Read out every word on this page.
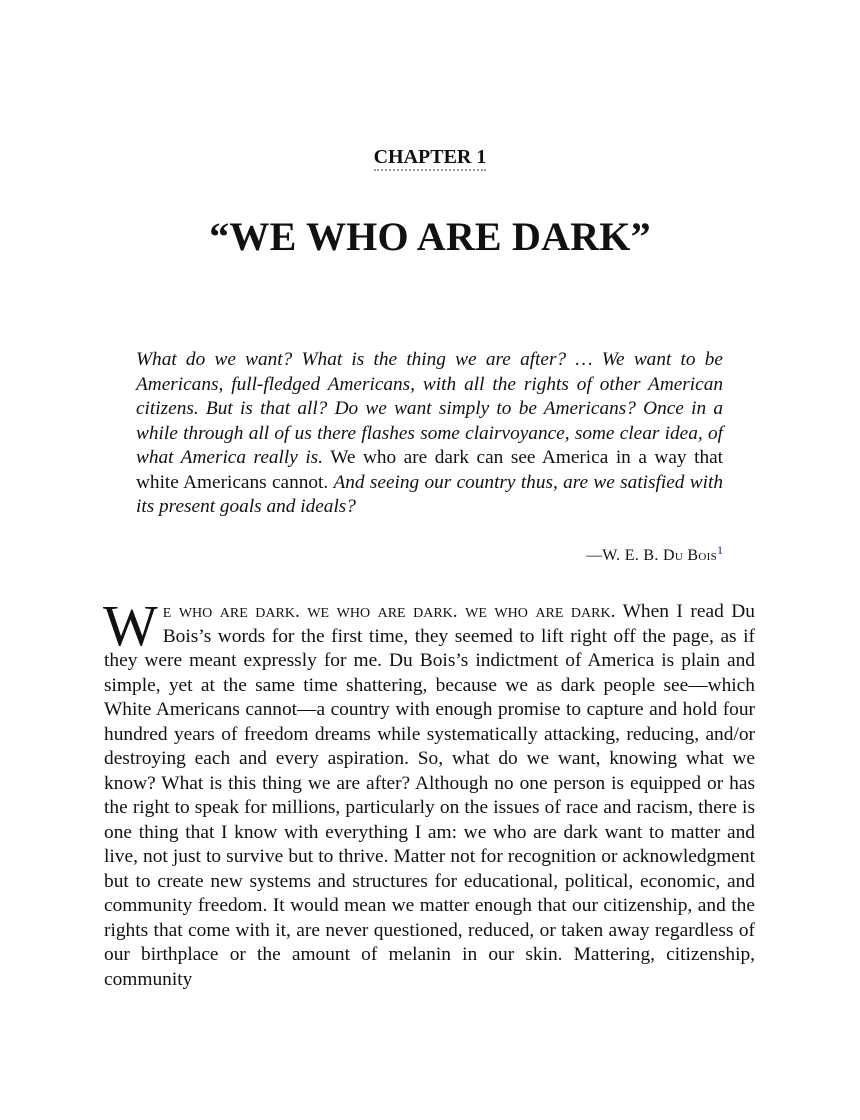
CHAPTER 1
“WE WHO ARE DARK”
What do we want? What is the thing we are after? … We want to be Americans, full-fledged Americans, with all the rights of other American citizens. But is that all? Do we want simply to be Americans? Once in a while through all of us there flashes some clairvoyance, some clear idea, of what America really is. We who are dark can see America in a way that white Americans cannot. And seeing our country thus, are we satisfied with its present goals and ideals?
—W. E. B. Du Bois$^1$
We who are dark. we who are dark. we who are dark. When I read Du Bois’s words for the first time, they seemed to lift right off the page, as if they were meant expressly for me. Du Bois’s indictment of America is plain and simple, yet at the same time shattering, because we as dark people see—which White Americans cannot—a country with enough promise to capture and hold four hundred years of freedom dreams while systematically attacking, reducing, and/or destroying each and every aspiration. So, what do we want, knowing what we know? What is this thing we are after? Although no one person is equipped or has the right to speak for millions, particularly on the issues of race and racism, there is one thing that I know with everything I am: we who are dark want to matter and live, not just to survive but to thrive. Matter not for recognition or acknowledgment but to create new systems and structures for educational, political, economic, and community freedom. It would mean we matter enough that our citizenship, and the rights that come with it, are never questioned, reduced, or taken away regardless of our birthplace or the amount of melanin in our skin. Mattering, citizenship, community
